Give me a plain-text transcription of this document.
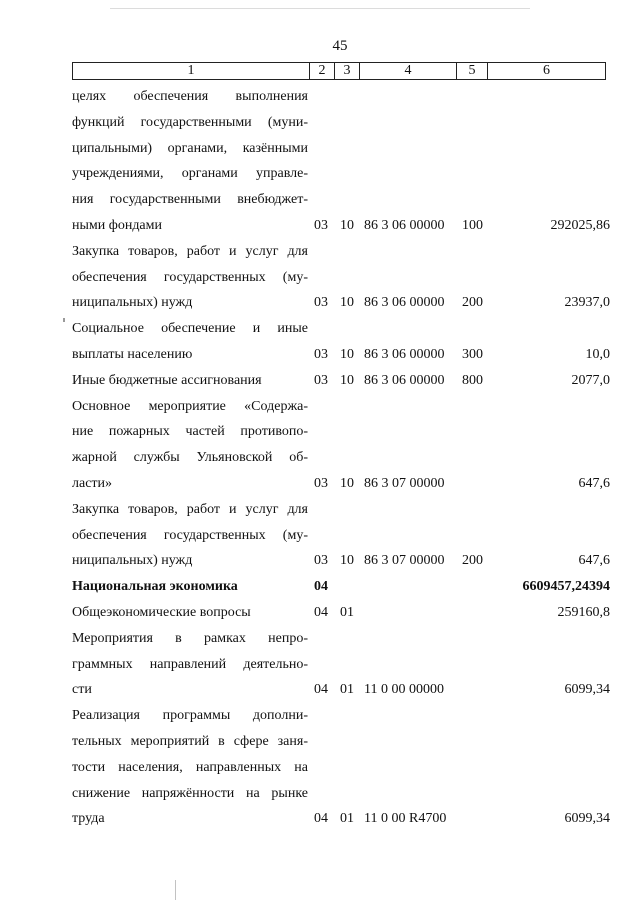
45
1	2	3	4	5	6
целях обеспечения выполнения
функций государственными (муни-
ципальными) органами, казёнными
учреждениями, органами управле-
ния государственными внебюджет-
ными фондами	03 10 86 3 06 00000	100	292025,86
Закупка товаров, работ и услуг для
обеспечения государственных (му-
ниципальных) нужд	03 10 86 3 06 00000	200	23937,0
Социальное обеспечение и иные
выплаты населению	03 10 86 3 06 00000	300	10,0
Иные бюджетные ассигнования	03 10 86 3 06 00000	800	2077,0
Основное мероприятие «Содержа-
ние пожарных частей противопо-
жарной службы Ульяновской об-
ласти»	03 10 86 3 07 00000	647,6
Закупка товаров, работ и услуг для
обеспечения государственных (му-
ниципальных) нужд	03 10 86 3 07 00000	200	647,6
Национальная экономика	04	6609457,24394
Общеэкономические вопросы	04 01	259160,8
Мероприятия в рамках непро-
граммных направлений деятельно-
сти	04 01 11 0 00 00000	6099,34
Реализация программы дополни-
тельных мероприятий в сфере заня-
тости населения, направленных на
снижение напряжённости на рынке
труда	04 01 11 0 00 R4700	6099,34
